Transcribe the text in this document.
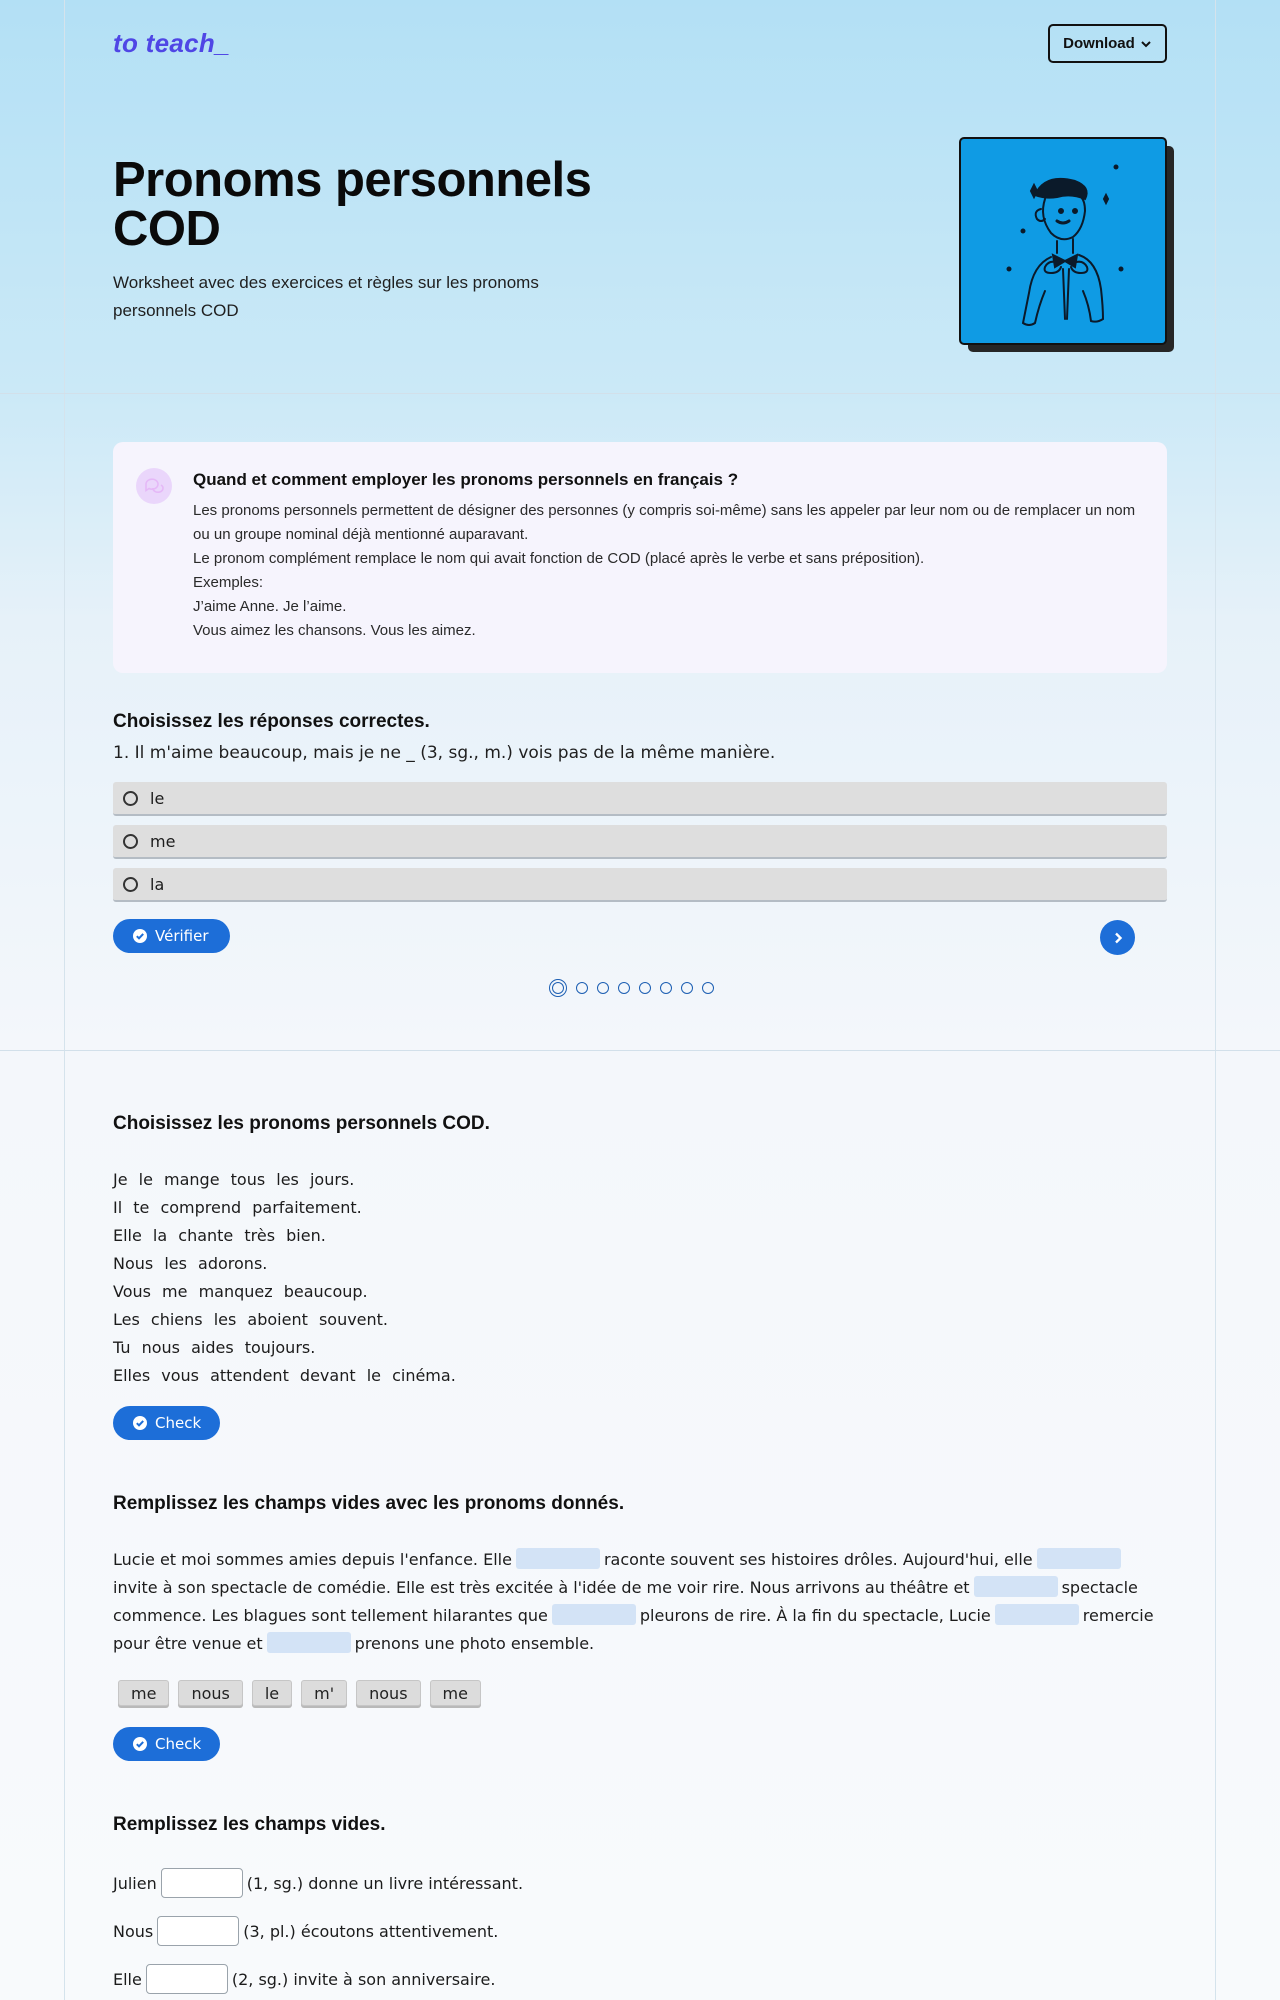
to teach_	Download
Pronoms personnels COD

Worksheet avec des exercices et règles sur les pronoms personnels COD

Quand et comment employer les pronoms personnels en français ?

Les pronoms personnels permettent de désigner des personnes (y compris soi-même) sans les appeler par leur nom ou de remplacer un nom ou un groupe nominal déjà mentionné auparavant.

Le pronom complément remplace le nom qui avait fonction de COD (placé après le verbe et sans préposition).

Exemples:

J’aime Anne. Je l’aime.

Vous aimez les chansons. Vous les aimez.

Choisissez les réponses correctes.

1. Il m'aime beaucoup, mais je ne _ (3, sg., m.) vois pas de la même manière.

le
me
la
Vérifier
Choisissez les pronoms personnels COD.
Je le mange tous les jours.
Il te comprend parfaitement.
Elle la chante très bien.
Nous les adorons.
Vous me manquez beaucoup.
Les chiens les aboient souvent.
Tu nous aides toujours.
Elles vous attendent devant le cinéma.
Check
Remplissez les champs vides avec les pronoms donnés.

Lucie et moi sommes amies depuis l'enfance. Elle	raconte souvent ses histoires drôles. Aujourd'hui, elleinvite à son spectacle de comédie. Elle est très excitée à l'idée de me voir rire. Nous arrivons au théâtre et	spectacle commence. Les blagues sont tellement hilarantes que	pleurons de rire. À la fin du spectacle, Lucie	remercie pour être venue et	prenons une photo ensemble.

me	nous	le	m'	nous	me
Check
Remplissez les champs vides.
Julien	(1, sg.) donne un livre intéressant.
Nous	(3, pl.) écoutons attentivement.
Elle	(2, sg.) invite à son anniversaire.
